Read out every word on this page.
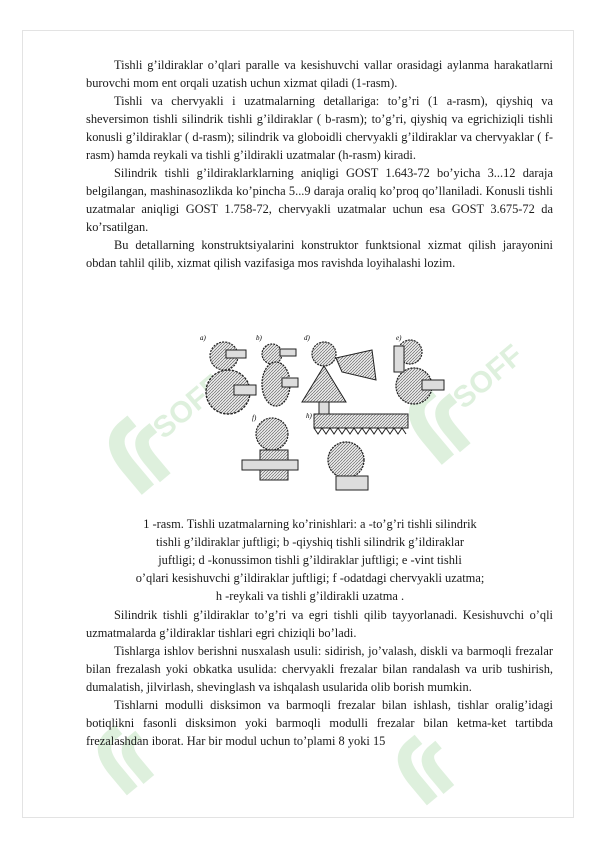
SOFF	SOFF

Tishli g’ildiraklar o’qlari paralle va kesishuvchi vallar orasidagi aylanma harakatlarni burovchi mom ent orqali uzatish uchun xizmat qiladi (1-rasm).

Tishli va chervyakli i uzatmalarning detallariga: to’g’ri (1 a-rasm), qiyshiq va sheversimon tishli silindrik tishli g’ildiraklar ( b-rasm); to’g’ri, qiyshiq va egrichiziqli tishli konusli g’ildiraklar ( d-rasm); silindrik va globoidli chervyakli g’ildiraklar va chervyaklar ( f-rasm) hamda reykali va tishli g’ildirakli uzatmalar (h-rasm) kiradi.

Silindrik tishli g’ildiraklarklarning aniqligi GOST 1.643-72 bo’yicha 3...12 daraja belgilangan, mashinasozlikda ko’pincha 5...9 daraja oraliq ko’proq qo’llaniladi. Konusli tishli uzatmalar aniqligi GOST 1.758-72, chervyakli uzatmalar uchun esa GOST 3.675-72 da ko’rsatilgan.

Bu detallarning konstruktsiyalarini konstruktor funktsional xizmat qilish jarayonini obdan tahlil qilib, xizmat qilish vazifasiga mos ravishda loyihalashi lozim.

a)	b)	d)	e)
f)	h)

1 -rasm. Tishli uzatmalarning ko’rinishlari: a -to’g’ri tishli silindrik

tishli g’ildiraklar juftligi; b -qiyshiq tishli silindrik g’ildiraklar

juftligi; d -konussimon tishli g’ildiraklar juftligi; e -vint tishli

o’qlari kesishuvchi g’ildiraklar juftligi; f -odatdagi chervyakli uzatma;

h -reykali va tishli g’ildirakli uzatma .

Silindrik tishli g’ildiraklar to’g’ri va egri tishli qilib tayyorlanadi. Kesishuvchi o’qli uzmatmalarda g’ildiraklar tishlari egri chiziqli bo’ladi.

Tishlarga ishlov berishni nusxalash usuli: sidirish, jo’valash, diskli va barmoqli frezalar bilan frezalash yoki obkatka usulida: chervyakli frezalar bilan randalash va urib tushirish, dumalatish, jilvirlash, shevinglash va ishqalash usularida olib borish mumkin.

Tishlarni modulli disksimon va barmoqli frezalar bilan ishlash, tishlar oralig’idagi botiqlikni fasonli disksimon yoki barmoqli modulli frezalar bilan ketma-ket tartibda frezalashdan iborat. Har bir modul uchun to’plami 8 yoki 15
